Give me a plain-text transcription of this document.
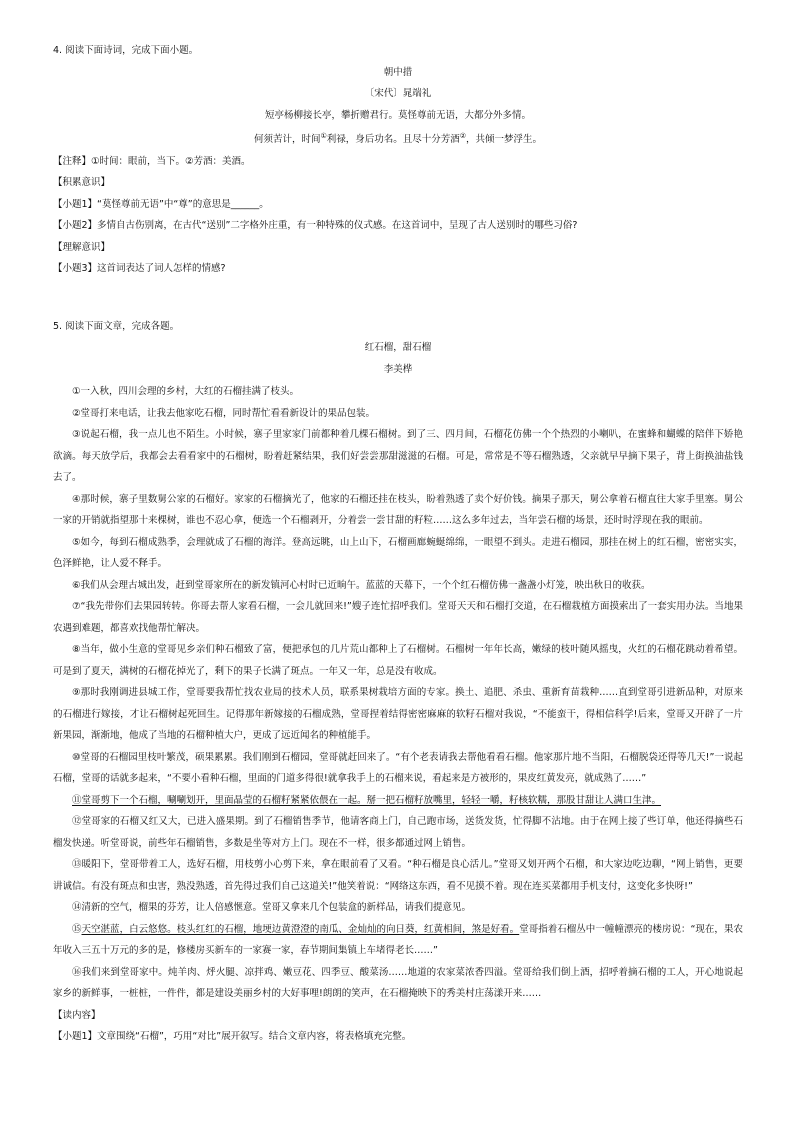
4. 阅读下面诗词，完成下面小题。

朝中措

〔宋代〕晁端礼

短亭杨柳接长亭，攀折赠君行。莫怪尊前无语，大都分外多情。

何须苦计，时间①利禄，身后功名。且尽十分芳酒②，共倾一梦浮生。

【注释】①时间：眼前，当下。②芳酒：美酒。

【积累意识】

【小题1】“莫怪尊前无语”中“尊”的意思是______。

【小题2】多情自古伤别离，在古代“送别”二字格外庄重，有一种特殊的仪式感。在这首词中，呈现了古人送别时的哪些习俗?

【理解意识】

【小题3】这首词表达了词人怎样的情感?

5. 阅读下面文章，完成各题。

红石榴，甜石榴

李美桦

①一入秋，四川会理的乡村，大红的石榴挂满了枝头。

②堂哥打来电话，让我去他家吃石榴，同时帮忙看看新设计的果品包装。

③说起石榴，我一点儿也不陌生。小时候，寨子里家家门前都种着几棵石榴树。到了三、四月间，石榴花仿佛一个个热烈的小喇叭，在蜜蜂和蝴蝶的陪伴下娇艳欲滴。每天放学后，我都会去看看家中的石榴树，盼着赶紧结果，我们好尝尝那甜滋滋的石榴。可是，常常是不等石榴熟透，父亲就早早摘下果子，背上街换油盐钱去了。

④那时候，寨子里数舅公家的石榴好。家家的石榴摘光了，他家的石榴还挂在枝头，盼着熟透了卖个好价钱。摘果子那天，舅公拿着石榴直往大家手里塞。舅公一家的开销就指望那十来棵树，谁也不忍心拿，便选一个石榴剥开，分着尝一尝甘甜的籽粒……这么多年过去，当年尝石榴的场景，还时时浮现在我的眼前。

⑤如今，每到石榴成熟季，会理就成了石榴的海洋。登高远眺，山上山下，石榴画廊蜿蜒绵绵，一眼望不到头。走进石榴园，那挂在树上的红石榴，密密实实，色泽鲜艳，让人爱不释手。

⑥我们从会理古城出发，赶到堂哥家所在的新发镇河心村时已近晌午。蓝蓝的天幕下，一个个红石榴仿佛一盏盏小灯笼，映出秋日的收获。

⑦“我先带你们去果园转转。你哥去帮人家看石榴，一会儿就回来!”嫂子连忙招呼我们。堂哥天天和石榴打交道，在石榴栽植方面摸索出了一套实用办法。当地果农遇到难题，都喜欢找他帮忙解决。

⑧当年，做小生意的堂哥见乡亲们种石榴致了富，便把承包的几片荒山都种上了石榴树。石榴树一年年长高，嫩绿的枝叶随风摇曳，火红的石榴花跳动着希望。可是到了夏天，满树的石榴花掉光了，剩下的果子长满了斑点。一年又一年，总是没有收成。

⑨那时我刚调进县城工作，堂哥要我帮忙找农业局的技术人员，联系果树栽培方面的专家。换土、追肥、杀虫、重新育苗栽种……直到堂哥引进新品种，对原来的石榴进行嫁接，才让石榴树起死回生。记得那年新嫁接的石榴成熟，堂哥捏着结得密密麻麻的软籽石榴对我说，“不能蛮干，得相信科学!后来，堂哥又开辟了一片新果园，渐渐地，他成了当地的石榴种植大户，更成了远近闻名的种植能手。

⑩堂哥的石榴园里枝叶繁茂，硕果累累。我们刚到石榴园，堂哥就赶回来了。“有个老表请我去帮他看看石榴。他家那片地不当阳，石榴脱袋还得等几天!”一说起石榴，堂哥的话就多起来，“不要小看种石榴，里面的门道多得很!就拿我手上的石榴来说，看起来是方被形的，果皮红黄发亮，就成熟了……”

⑪堂哥剪下一个石榴，唰唰划开，里面晶莹的石榴籽紧紧依偎在一起。掰一把石榴籽放嘴里，轻轻一嚼，籽核软糯，那股甘甜让人满口生津。

⑫堂哥家的石榴又红又大，已进入盛果期。到了石榴销售季节，他请客商上门，自己跑市场，送货发货，忙得脚不沾地。由于在网上接了些订单，他还得摘些石榴发快递。听堂哥说，前些年石榴销售，多数是坐等对方上门。现在不一样，很多都通过网上销售。

⑬暖阳下，堂哥带着工人，选好石榴，用枝剪小心剪下来，拿在眼前看了又看。“种石榴是良心活儿。”堂哥又划开两个石榴，和大家边吃边聊，“网上销售，更要讲诚信。有没有斑点和虫害，熟没熟透，首先得过我们自己这道关!”他笑着说：“网络这东西，看不见摸不着。现在连买菜都用手机支付，这变化多快呀!”

⑭清新的空气，榴果的芬芳，让人倍感惬意。堂哥又拿来几个包装盒的新样品，请我们提意见。

⑮天空湛蓝，白云悠悠。枝头红红的石榴，地埂边黄澄澄的南瓜、金灿灿的向日葵，红黄相间，煞是好看。堂哥指着石榴丛中一幢幢漂亮的楼房说：“现在，果农年收入三五十万元的多的是，修楼房买新车的一家赛一家，春节期间集镇上车堵得老长……”

⑯我们来到堂哥家中。炖羊肉、烀火腿、凉拌鸡、嫩豆花、四季豆、酸菜汤……地道的农家菜浓香四溢。堂哥给我们倒上酒，招呼着摘石榴的工人，开心地说起家乡的新鲜事，一桩桩，一件件，都是建设美丽乡村的大好事哩!朗朗的笑声，在石榴掩映下的秀美村庄荡漾开来……

【读内容】

【小题1】文章围绕“石榴”，巧用“对比”展开叙写。结合文章内容，将表格填充完整。
